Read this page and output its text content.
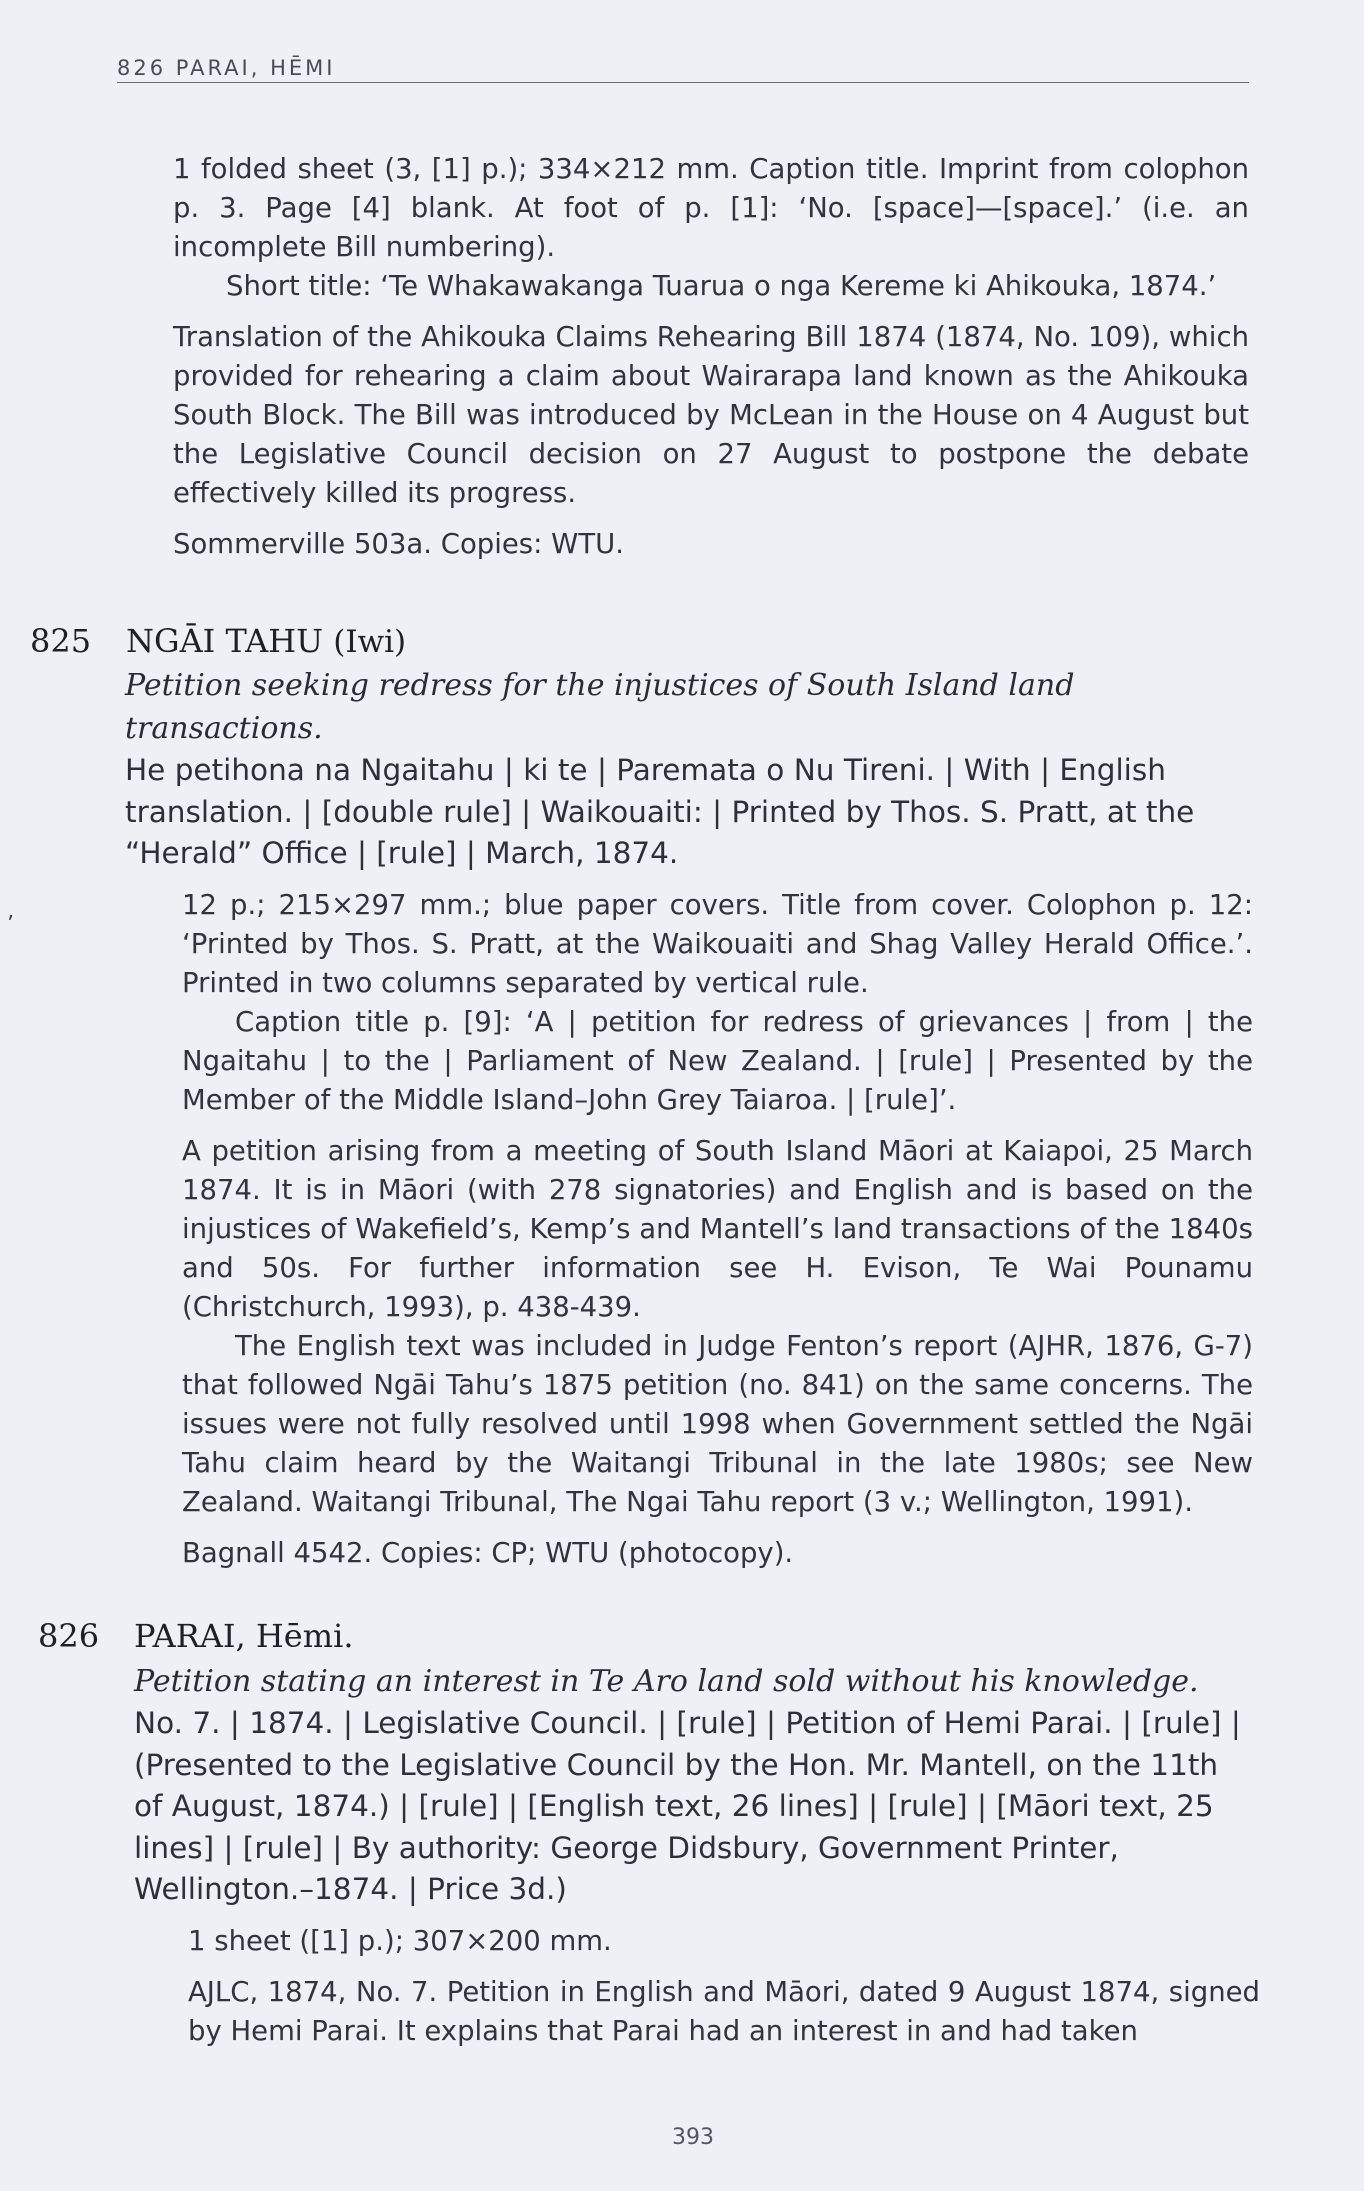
826 PARAI, HĒMI

1 folded sheet (3, [1] p.); 334×212 mm. Caption title. Imprint from colophon p. 3. Page [4] blank. At foot of p. [1]: ‘No. [space]—[space].’ (i.e. an incomplete Bill numbering).

Short title: ‘Te Whakawakanga Tuarua o nga Kereme ki Ahikouka, 1874.’

Translation of the Ahikouka Claims Rehearing Bill 1874 (1874, No. 109), which provided for rehearing a claim about Wairarapa land known as the Ahikouka South Block. The Bill was introduced by McLean in the House on 4 August but the Legislative Council decision on 27 August to postpone the debate effectively killed its progress.

Sommerville 503a. Copies: WTU.

825 NGĀI TAHU (Iwi)

Petition seeking redress for the injustices of South Island land transactions.

He petihona na Ngaitahu | ki te | Paremata o Nu Tireni. | With | English translation. | [double rule] | Waikouaiti: | Printed by Thos. S. Pratt, at the “Herald” Office | [rule] | March, 1874.

ʼ

12 p.; 215×297 mm.; blue paper covers. Title from cover. Colophon p. 12: ‘Printed by Thos. S. Pratt, at the Waikouaiti and Shag Valley Herald Office.’. Printed in two columns separated by vertical rule.

Caption title p. [9]: ‘A | petition for redress of grievances | from | the Ngaitahu | to the | Parliament of New Zealand. | [rule] | Presented by the Member of the Middle Island–John Grey Taiaroa. | [rule]’.

A petition arising from a meeting of South Island Māori at Kaiapoi, 25 March 1874. It is in Māori (with 278 signatories) and English and is based on the injustices of Wakefield’s, Kemp’s and Mantell’s land transactions of the 1840s and 50s. For further information see H. Evison, Te Wai Pounamu (Christchurch, 1993), p. 438-439.

The English text was included in Judge Fenton’s report (AJHR, 1876, G-7) that followed Ngāi Tahu’s 1875 petition (no. 841) on the same concerns. The issues were not fully resolved until 1998 when Government settled the Ngāi Tahu claim heard by the Waitangi Tribunal in the late 1980s; see New Zealand. Waitangi Tribunal, The Ngai Tahu report (3 v.; Wellington, 1991).

Bagnall 4542. Copies: CP; WTU (photocopy).

826 PARAI, Hēmi.

Petition stating an interest in Te Aro land sold without his knowledge.

No. 7. | 1874. | Legislative Council. | [rule] | Petition of Hemi Parai. | [rule] | (Presented to the Legislative Council by the Hon. Mr. Mantell, on the 11th of August, 1874.) | [rule] | [English text, 26 lines] | [rule] | [Māori text, 25 lines] | [rule] | By authority: George Didsbury, Government Printer, Wellington.–1874. | Price 3d.)

1 sheet ([1] p.); 307×200 mm.

AJLC, 1874, No. 7. Petition in English and Māori, dated 9 August 1874, signed by Hemi Parai. It explains that Parai had an interest in and had taken

393
